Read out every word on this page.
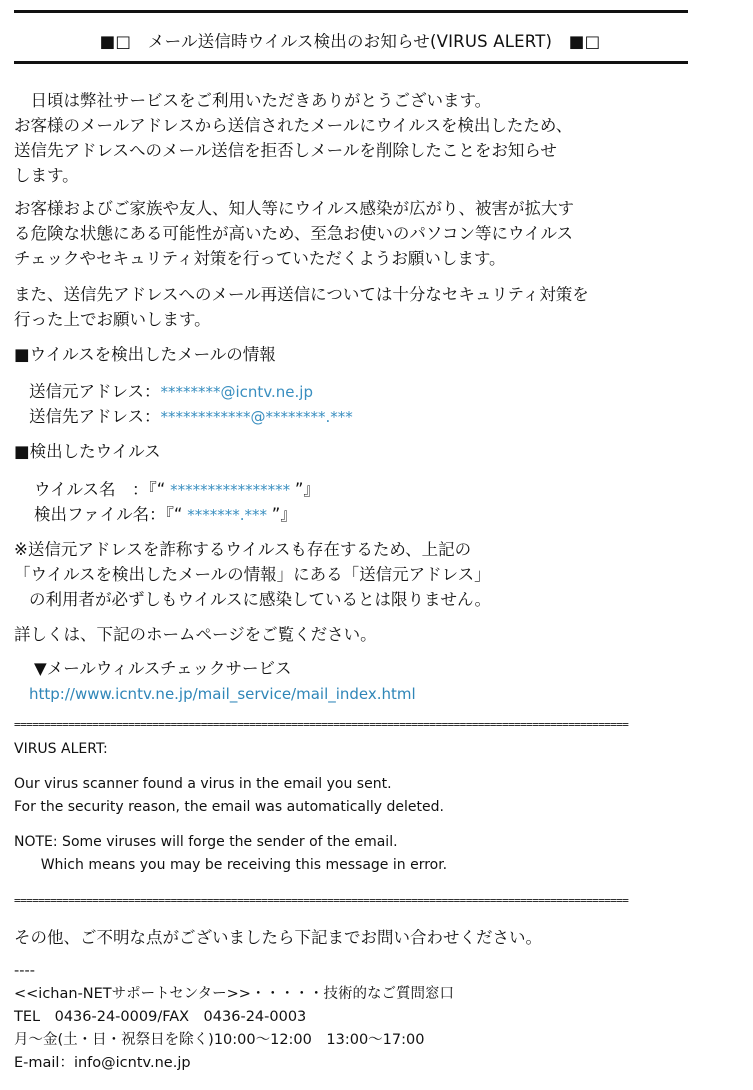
■□　メール送信時ウイルス検出のお知らせ(VIRUS ALERT)　■□
　日頃は弊社サービスをご利用いただきありがとうございます。
お客様のメールアドレスから送信されたメールにウイルスを検出したため、
送信先アドレスへのメール送信を拒否しメールを削除したことをお知らせ
します。
お客様およびご家族や友人、知人等にウイルス感染が広がり、被害が拡大す
る危険な状態にある可能性が高いため、至急お使いのパソコン等にウイルス
チェックやセキュリティ対策を行っていただくようお願いします。
また、送信先アドレスへのメール再送信については十分なセキュリティ対策を
行った上でお願いします。
■ウイルスを検出したメールの情報
送信元アドレス：********@icntv.ne.jp
送信先アドレス：************@********.***
■検出したウイルス
ウイルス名　：『“ **************** ”』
検出ファイル名：『“ *******.*** ”』
※送信元アドレスを詐称するウイルスも存在するため、上記の
「ウイルスを検出したメールの情報」にある「送信元アドレス」
の利用者が必ずしもウイルスに感染しているとは限りません。
詳しくは、下記のホームページをご覧ください。
▼メールウィルスチェックサービス
http://www.icntv.ne.jp/mail_service/mail_index.html
======================================================================================================
VIRUS ALERT:
Our virus scanner found a virus in the email you sent.
For the security reason, the email was automatically deleted.
NOTE: Some viruses will forge the sender of the email.
Which means you may be receiving this message in error.
======================================================================================================
その他、ご不明な点がございましたら下記までお問い合わせください。
----
<<ichan-NETサポートセンター>>・・・・・技術的なご質問窓口
TEL　0436-24-0009/FAX　0436-24-0003
月～金(土・日・祝祭日を除く)10:00～12:00　13:00～17:00
E-mail：info@icntv.ne.jp
